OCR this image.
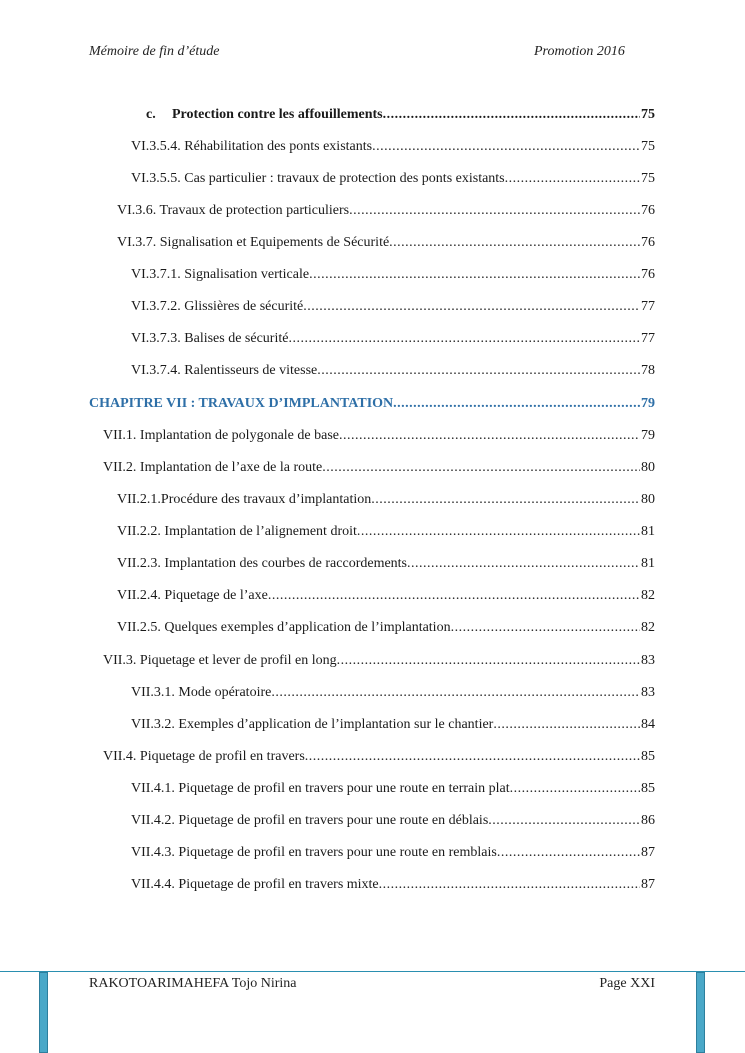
Mémoire de fin d’étude	Promotion 2016
c. Protection contre les affouillements .....	75
VI.3.5.4. Réhabilitation des ponts existants .....	75
VI.3.5.5. Cas particulier : travaux de protection des ponts existants .....	75
VI.3.6. Travaux de protection particuliers .....	76
VI.3.7. Signalisation et Equipements de Sécurité .....	76
VI.3.7.1. Signalisation verticale .....	76
VI.3.7.2. Glissières de sécurité .....	77
VI.3.7.3. Balises de sécurité .....	77
VI.3.7.4. Ralentisseurs de vitesse .....	78
CHAPITRE VII : TRAVAUX D’IMPLANTATION .....	79
VII.1. Implantation de polygonale de base .....	79
VII.2. Implantation de l’axe de la route .....	80
VII.2.1.Procédure des travaux d’implantation .....	80
VII.2.2. Implantation de l’alignement droit .....	81
VII.2.3. Implantation des courbes de raccordements .....	81
VII.2.4. Piquetage de l’axe .....	82
VII.2.5. Quelques exemples d’application de l’implantation .....	82
VII.3. Piquetage et lever de profil en long .....	83
VII.3.1. Mode opératoire .....	83
VII.3.2. Exemples d’application de l’implantation sur le chantier .....	84
VII.4. Piquetage de profil en travers .....	85
VII.4.1. Piquetage de profil en travers pour une route en terrain plat .....	85
VII.4.2. Piquetage de profil en travers pour une route en déblais .....	86
VII.4.3. Piquetage de profil en travers pour une route en remblais .....	87
VII.4.4. Piquetage de profil en travers mixte .....	87
RAKOTOARIMAHEFA Tojo Nirina	Page XXI
